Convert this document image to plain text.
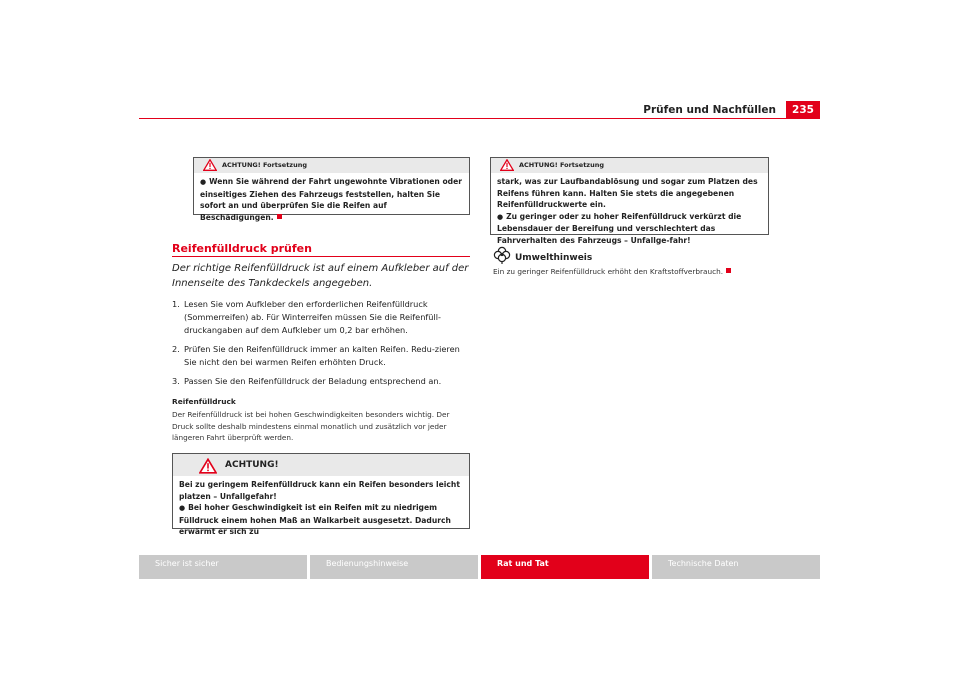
Prüfen und Nachfüllen	235
ACHTUNG! Fortsetzung

● Wenn Sie während der Fahrt ungewohnte Vibrationen oder einseitiges Ziehen des Fahrzeugs feststellen, halten Sie sofort an und überprüfen Sie die Reifen auf Beschädigungen.

Reifenfülldruck prüfen
Der richtige Reifenfülldruck ist auf einem Aufkleber auf der Innenseite des Tankdeckels angegeben.
1. Lesen Sie vom Aufkleber den erforderlichen Reifenfülldruck (Sommerreifen) ab. Für Winterreifen müssen Sie die Reifenfüll-druckangaben auf dem Aufkleber um 0,2 bar erhöhen.
2. Prüfen Sie den Reifenfülldruck immer an kalten Reifen. Redu-zieren Sie nicht den bei warmen Reifen erhöhten Druck.
3. Passen Sie den Reifenfülldruck der Beladung entsprechend an.
Reifenfülldruck
Der Reifenfülldruck ist bei hohen Geschwindigkeiten besonders wichtig. Der Druck sollte deshalb mindestens einmal monatlich und zusätzlich vor jeder längeren Fahrt überprüft werden.
ACHTUNG!

Bei zu geringem Reifenfülldruck kann ein Reifen besonders leicht platzen – Unfallgefahr!

● Bei hoher Geschwindigkeit ist ein Reifen mit zu niedrigem Fülldruck einem hohen Maß an Walkarbeit ausgesetzt. Dadurch erwärmt er sich zu

ACHTUNG! Fortsetzung

stark, was zur Laufbandablösung und sogar zum Platzen des Reifens führen kann. Halten Sie stets die angegebenen Reifenfülldruckwerte ein.

● Zu geringer oder zu hoher Reifenfülldruck verkürzt die Lebensdauer der Bereifung und verschlechtert das Fahrverhalten des Fahrzeugs – Unfallge-fahr!

Umwelthinweis
Ein zu geringer Reifenfülldruck erhöht den Kraftstoffverbrauch.
Sicher ist sicher	Bedienungshinweise	Rat und Tat	Technische Daten
